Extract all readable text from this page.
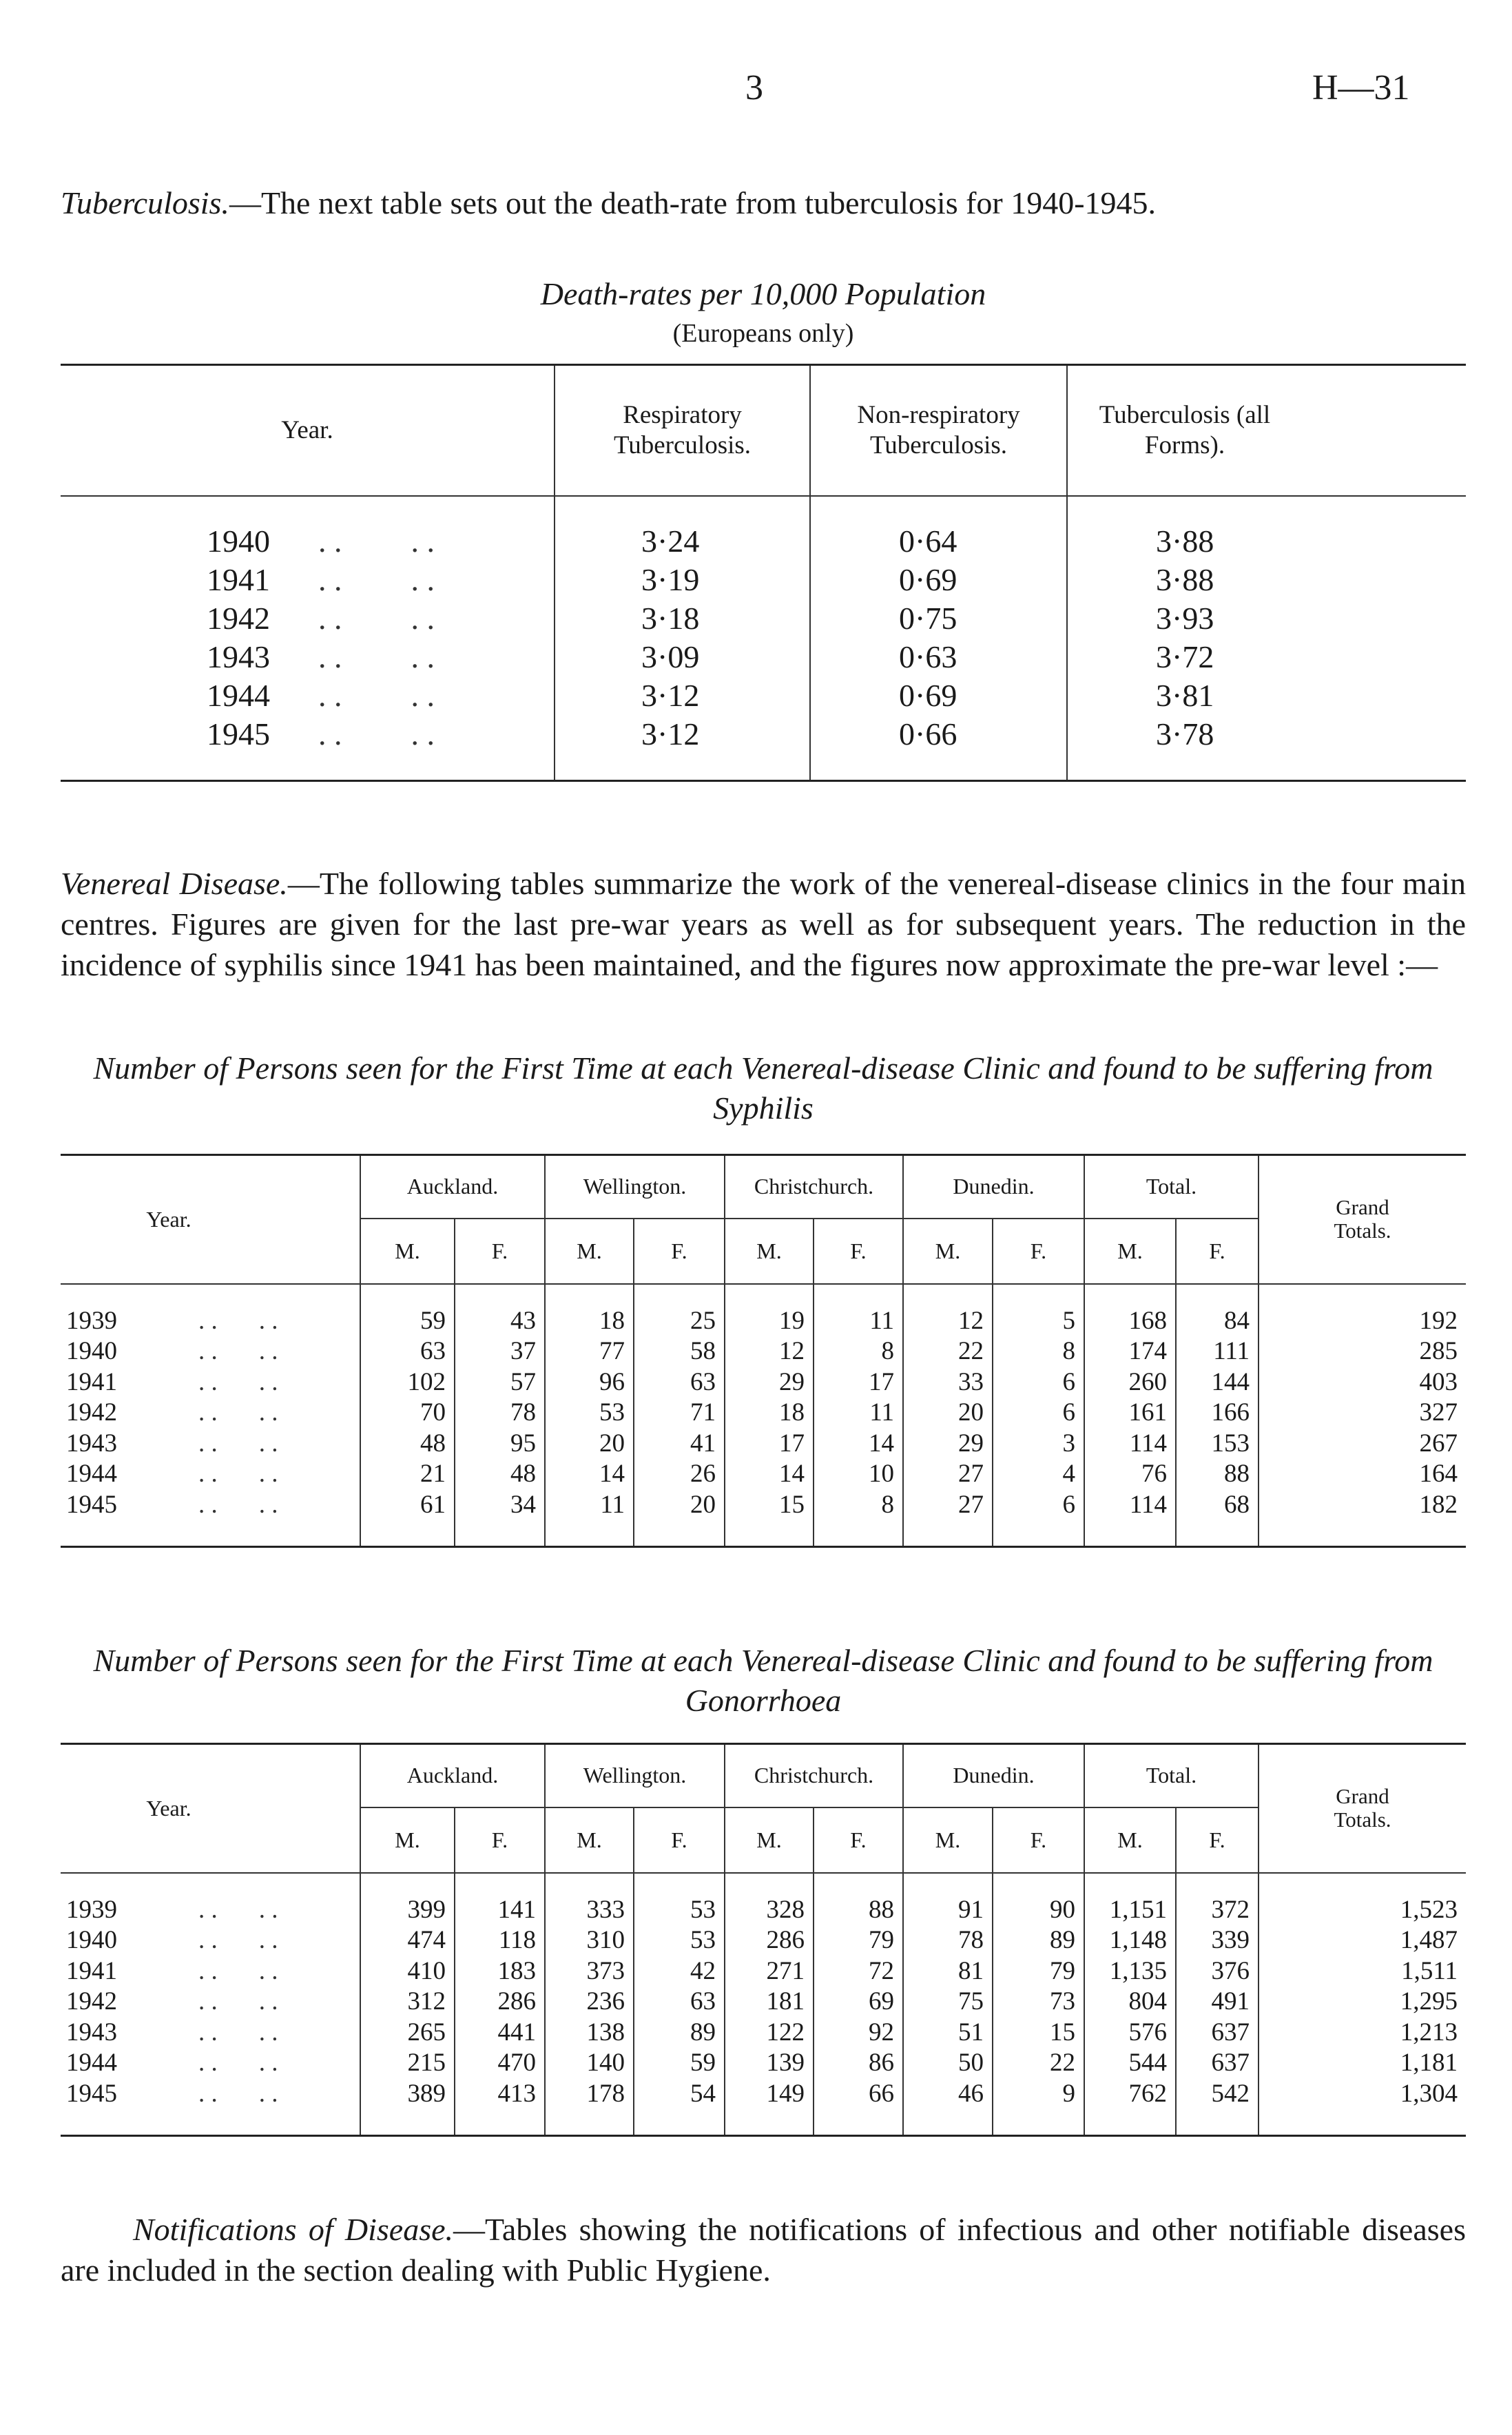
3	H—31
Tuberculosis.—The next table sets out the death-rate from tuberculosis for 1940-1945.
Death-rates per 10,000 Population
(Europeans only)
Year.	Respiratory Tuberculosis.	Non-respiratory Tuberculosis.	Tuberculosis (all Forms).

1940 . . . .	3·24	0·64	3·88
1941 . . . .	3·19	0·69	3·88
1942 . . . .	3·18	0·75	3·93
1943 . . . .	3·09	0·63	3·72
1944 . . . .	3·12	0·69	3·81
1945 . . . .	3·12	0·66	3·78

Venereal Disease.—The following tables summarize the work of the venereal-disease clinics in the four main centres. Figures are given for the last pre-war years as well as for subsequent years. The reduction in the incidence of syphilis since 1941 has been maintained, and the figures now approximate the pre-war level :—
Number of Persons seen for the First Time at each Venereal-disease Clinic and found to be suffering from Syphilis
Year.		Auckland.		Wellington.		Christchurch.		Dunedin.		Total.		Grand Totals.

		M.	F.	M.	F.	M.	F.	M.	F.	M.	F.	

1939	. . . .	59	43	18	25	19	11	12	5	168	84	192
1940	. . . .	63	37	77	58	12	8	22	8	174	111	285
1941	. . . .	102	57	96	63	29	17	33	6	260	144	403
1942	. . . .	70	78	53	71	18	11	20	6	161	166	327
1943	. . . .	48	95	20	41	17	14	29	3	114	153	267
1944	. . . .	21	48	14	26	14	10	27	4	76	88	164
1945	. . . .	61	34	11	20	15	8	27	6	114	68	182

Number of Persons seen for the First Time at each Venereal-disease Clinic and found to be suffering from Gonorrhoea
Year.		Auckland.		Wellington.		Christchurch.		Dunedin.		Total.		Grand Totals.

		M.	F.	M.	F.	M.	F.	M.	F.	M.	F.	

1939	. . . .	399	141	333	53	328	88	91	90	1,151	372	1,523
1940	. . . .	474	118	310	53	286	79	78	89	1,148	339	1,487
1941	. . . .	410	183	373	42	271	72	81	79	1,135	376	1,511
1942	. . . .	312	286	236	63	181	69	75	73	804	491	1,295
1943	. . . .	265	441	138	89	122	92	51	15	576	637	1,213
1944	. . . .	215	470	140	59	139	86	50	22	544	637	1,181
1945	. . . .	389	413	178	54	149	66	46	9	762	542	1,304

Notifications of Disease.—Tables showing the notifications of infectious and other notifiable diseases are included in the section dealing with Public Hygiene.
